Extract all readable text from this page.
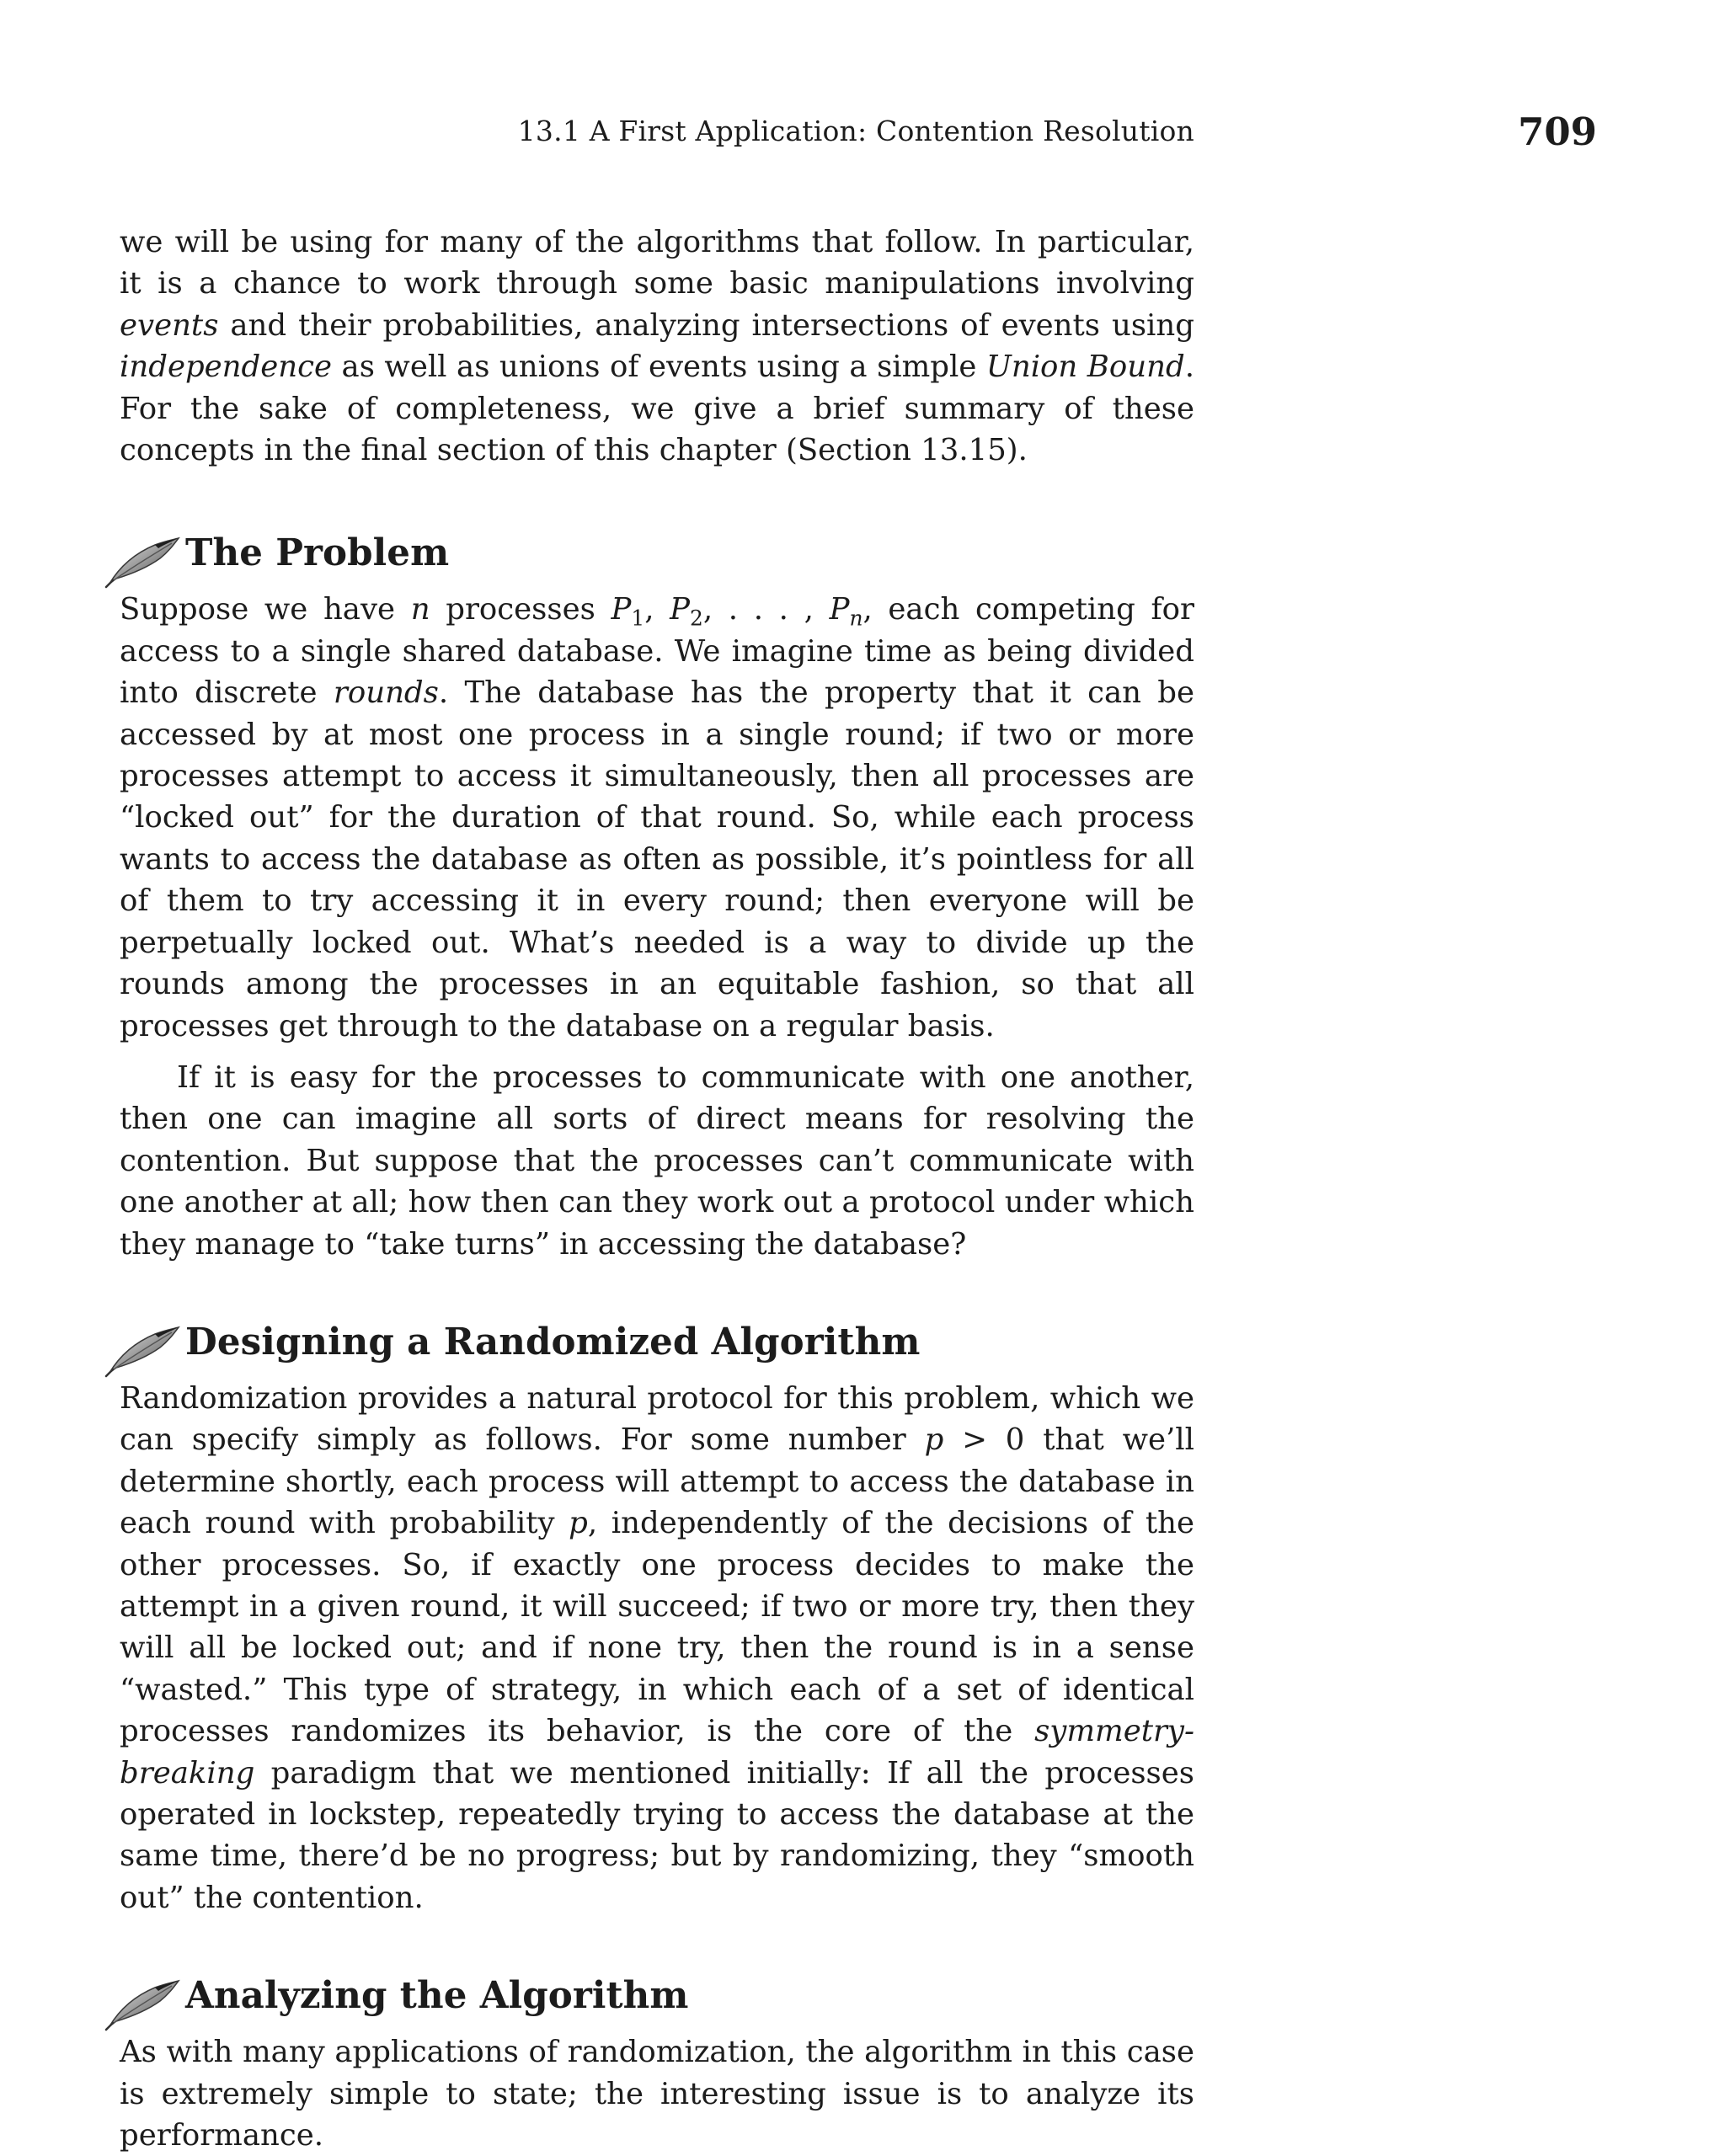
13.1 A First Application: Contention Resolution	709

we will be using for many of the algorithms that follow. In particular, it is a chance to work through some basic manipulations involving events and their probabilities, analyzing intersections of events using independence as well as unions of events using a simple Union Bound. For the sake of completeness, we give a brief summary of these concepts in the final section of this chapter (Section 13.15).

The Problem

Suppose we have n processes $P_1$, $P_2$, . . . , $P_n$, each competing for access to a single shared database. We imagine time as being divided into discrete rounds. The database has the property that it can be accessed by at most one process in a single round; if two or more processes attempt to access it simultaneously, then all processes are “locked out” for the duration of that round. So, while each process wants to access the database as often as possible, it’s pointless for all of them to try accessing it in every round; then everyone will be perpetually locked out. What’s needed is a way to divide up the rounds among the processes in an equitable fashion, so that all processes get through to the database on a regular basis.

If it is easy for the processes to communicate with one another, then one can imagine all sorts of direct means for resolving the contention. But suppose that the processes can’t communicate with one another at all; how then can they work out a protocol under which they manage to “take turns” in accessing the database?

Designing a Randomized Algorithm

Randomization provides a natural protocol for this problem, which we can specify simply as follows. For some number p > 0 that we’ll determine shortly, each process will attempt to access the database in each round with probability p, independently of the decisions of the other processes. So, if exactly one process decides to make the attempt in a given round, it will succeed; if two or more try, then they will all be locked out; and if none try, then the round is in a sense “wasted.” This type of strategy, in which each of a set of identical processes randomizes its behavior, is the core of the symmetry-breaking paradigm that we mentioned initially: If all the processes operated in lockstep, repeatedly trying to access the database at the same time, there’d be no progress; but by randomizing, they “smooth out” the contention.

Analyzing the Algorithm

As with many applications of randomization, the algorithm in this case is extremely simple to state; the interesting issue is to analyze its performance.
